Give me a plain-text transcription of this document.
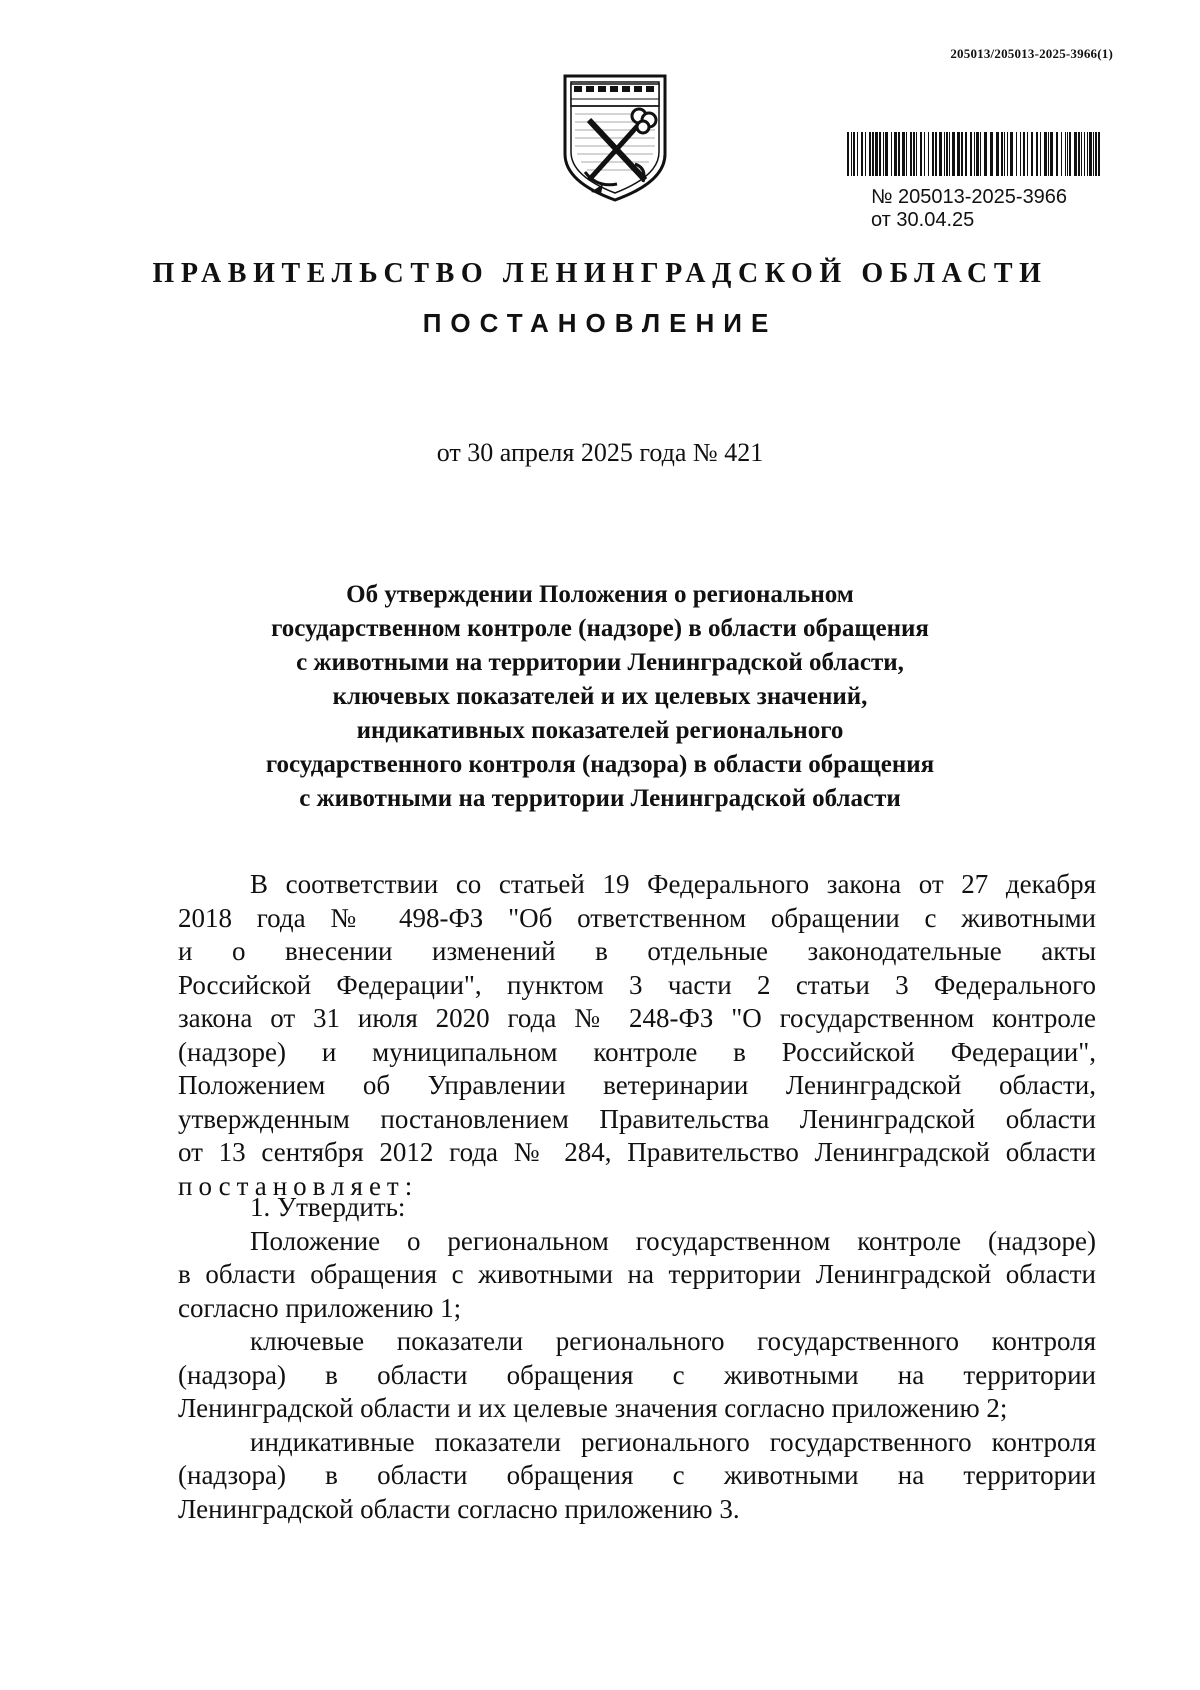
205013/205013-2025-3966(1)
№ 205013-2025-3966
от 30.04.25
ПРАВИТЕЛЬСТВО ЛЕНИНГРАДСКОЙ ОБЛАСТИ
ПОСТАНОВЛЕНИЕ
от 30 апреля 2025 года № 421
Об утверждении Положения о региональном
государственном контроле (надзоре) в области обращения
с животными на территории Ленинградской области,
ключевых показателей и их целевых значений,
индикативных показателей регионального
государственного контроля (надзора) в области обращения
с животными на территории Ленинградской области
В соответствии со статьей 19 Федерального закона от 27 декабря
2018 года № 498-ФЗ "Об ответственном обращении с животными
и о внесении изменений в отдельные законодательные акты
Российской Федерации", пунктом 3 части 2 статьи 3 Федерального
закона от 31 июля 2020 года № 248-ФЗ "О государственном контроле
(надзоре) и муниципальном контроле в Российской Федерации",
Положением об Управлении ветеринарии Ленинградской области,
утвержденным постановлением Правительства Ленинградской области
от 13 сентября 2012 года № 284, Правительство Ленинградской области
постановляет:
1. Утвердить:
Положение о региональном государственном контроле (надзоре)
в области обращения с животными на территории Ленинградской области
согласно приложению 1;
ключевые показатели регионального государственного контроля
(надзора) в области обращения с животными на территории
Ленинградской области и их целевые значения согласно приложению 2;
индикативные показатели регионального государственного контроля
(надзора) в области обращения с животными на территории
Ленинградской области согласно приложению 3.
